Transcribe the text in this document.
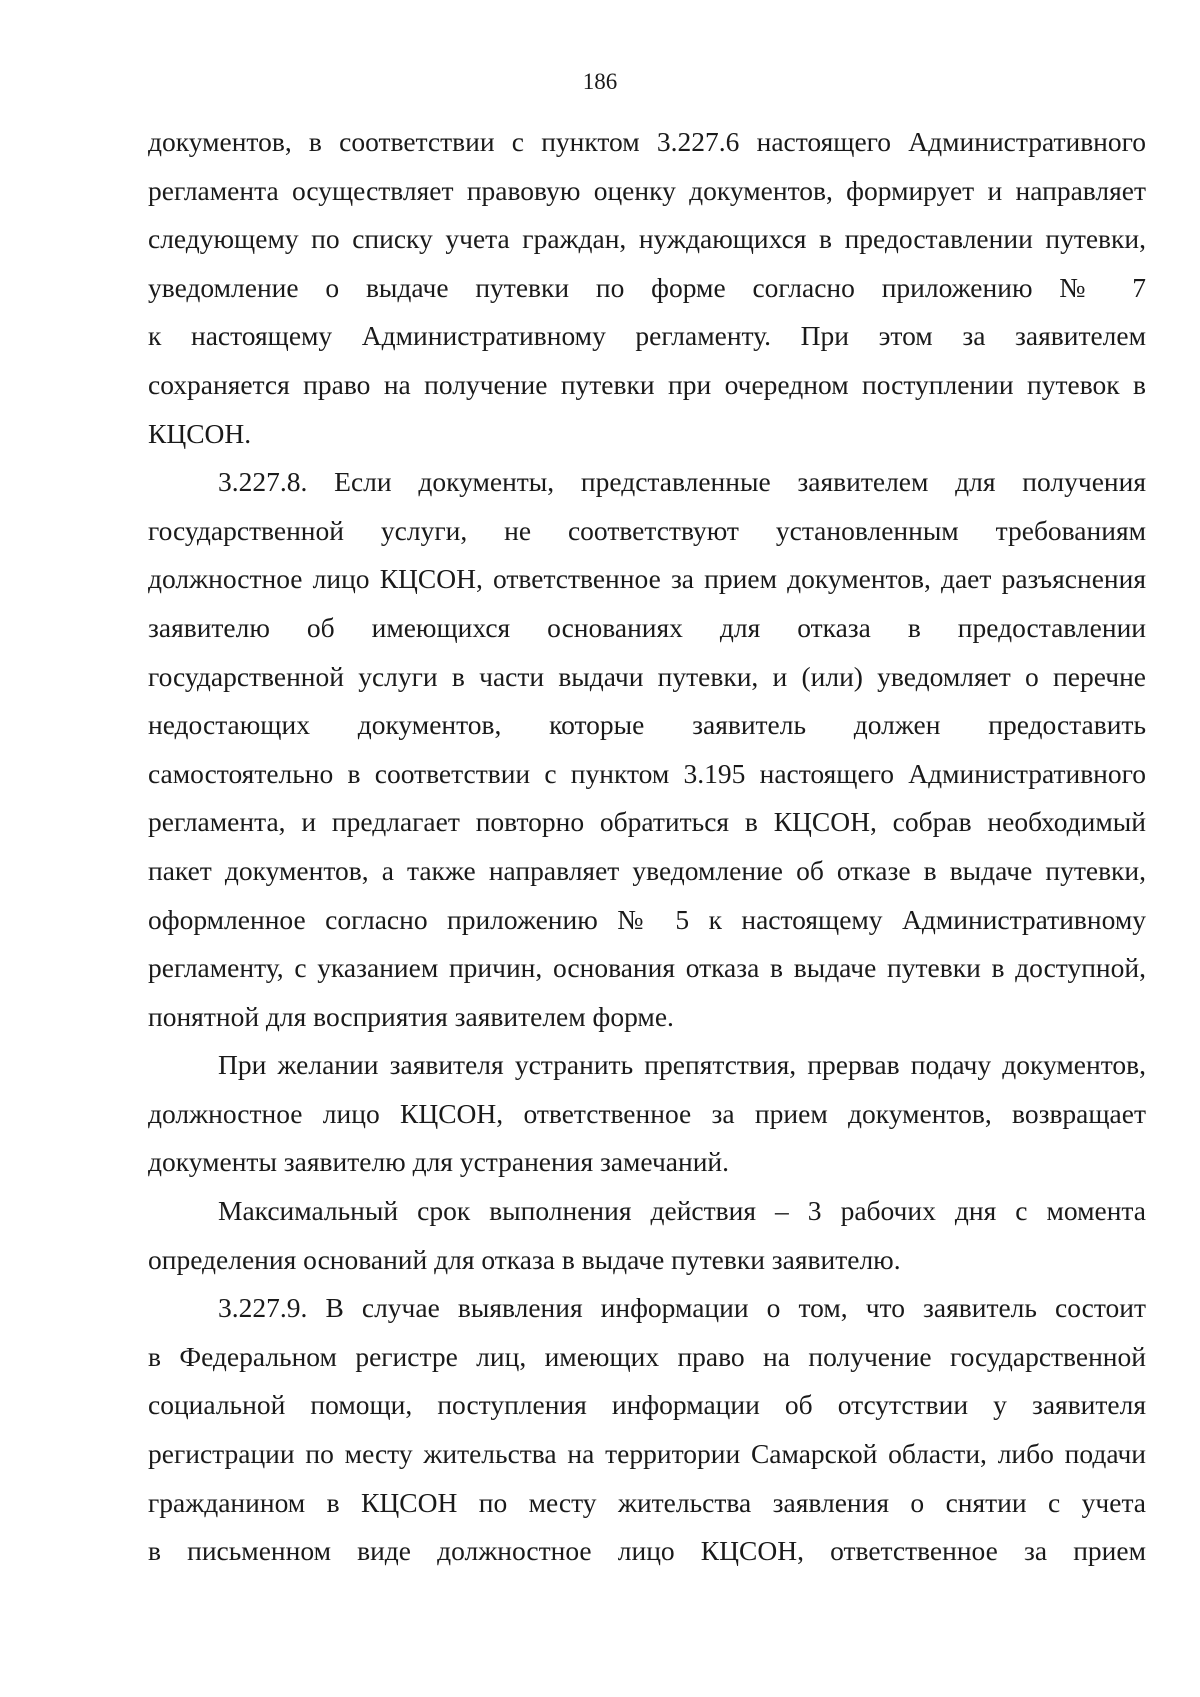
186
документов, в соответствии с пунктом 3.227.6 настоящего Административного
регламента осуществляет правовую оценку документов, формирует и направляет
следующему по списку учета граждан, нуждающихся в предоставлении путевки,
уведомление о выдаче путевки по форме согласно приложению № 7
к настоящему Административному регламенту. При этом за заявителем
сохраняется право на получение путевки при очередном поступлении путевок в
КЦСОН.
3.227.8. Если документы, представленные заявителем для получения
государственной услуги, не соответствуют установленным требованиям
должностное лицо КЦСОН, ответственное за прием документов, дает разъяснения
заявителю об имеющихся основаниях для отказа в предоставлении
государственной услуги в части выдачи путевки, и (или) уведомляет о перечне
недостающих документов, которые заявитель должен предоставить
самостоятельно в соответствии с пунктом 3.195 настоящего Административного
регламента, и предлагает повторно обратиться в КЦСОН, собрав необходимый
пакет документов, а также направляет уведомление об отказе в выдаче путевки,
оформленное согласно приложению № 5 к настоящему Административному
регламенту, с указанием причин, основания отказа в выдаче путевки в доступной,
понятной для восприятия заявителем форме.
При желании заявителя устранить препятствия, прервав подачу документов,
должностное лицо КЦСОН, ответственное за прием документов, возвращает
документы заявителю для устранения замечаний.
Максимальный срок выполнения действия – 3 рабочих дня с момента
определения оснований для отказа в выдаче путевки заявителю.
3.227.9. В случае выявления информации о том, что заявитель состоит
в Федеральном регистре лиц, имеющих право на получение государственной
социальной помощи, поступления информации об отсутствии у заявителя
регистрации по месту жительства на территории Самарской области, либо подачи
гражданином в КЦСОН по месту жительства заявления о снятии с учета
в письменном виде должностное лицо КЦСОН, ответственное за прием
